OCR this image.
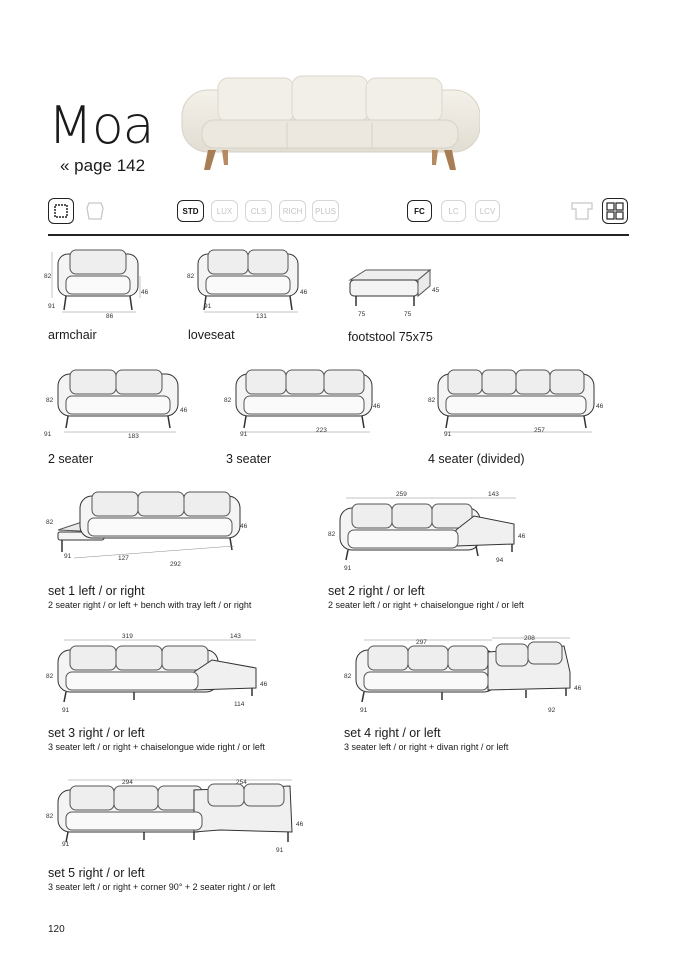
Moa
« page 142
STD	LUX	CLS	RICH	PLUS	FC	LC	LCV
82
91
86
46
armchair
82
91
131
46
loveseat
75	75
45
footstool 75x75
82
91	183
46
2 seater
82
91
223
46
3 seater
82
91
257
46
4 seater (divided)
82
91	127
292
46
set 1 left / or right
2 seater right / or left + bench with tray left / or right
259	143
82
91
46
94
set 2 right / or left
2 seater left / or right + chaiselongue right / or left
319	143
82
91
46
114
set 3 right / or left
3 seater left / or right + chaiselongue wide right / or left
297
208
82
91
46
92
set 4 right / or left
3 seater left / or right + divan right / or left
294	254
82
91
46
91
set 5 right / or left
3 seater left / or right + corner 90° + 2 seater right / or left
120
